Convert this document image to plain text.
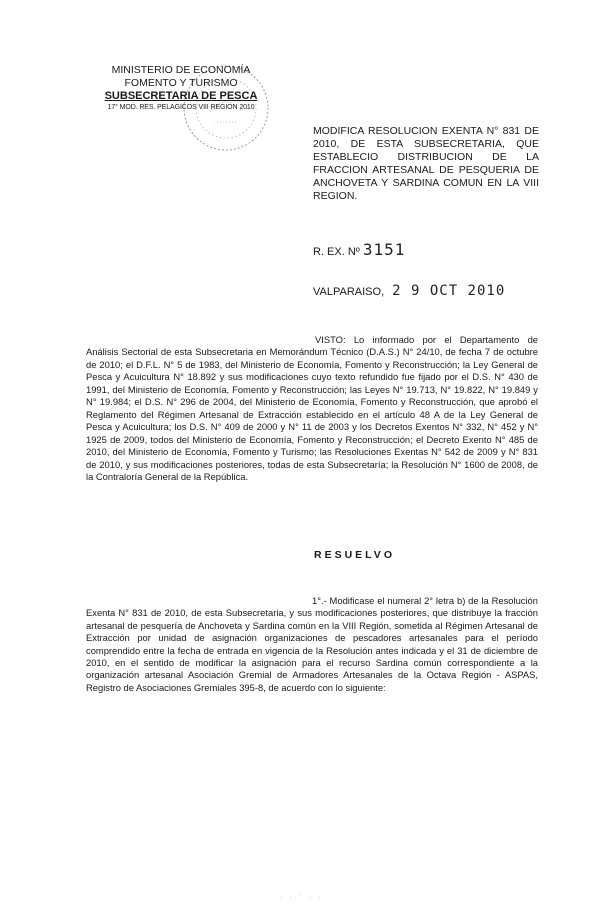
MINISTERIO DE ECONOMÍA
FOMENTO Y TURISMO
SUBSECRETARIA DE PESCA
17° MOD. RES. PELAGICOS VIII REGION 2010
MODIFICA RESOLUCION EXENTA N° 831 DE 2010, DE ESTA SUBSECRETARIA, QUE ESTABLECIO DISTRIBUCION DE LA FRACCION ARTESANAL DE PESQUERIA DE ANCHOVETA Y SARDINA COMUN EN LA VIII REGION.
R. EX. Nº 3151
VALPARAISO, 2 9 OCT 2010
VISTO: Lo informado por el Departamento de Análisis Sectorial de esta Subsecretaria en Memorándum Técnico (D.A.S.) N° 24/10, de fecha 7 de octubre de 2010; el D.F.L. N° 5 de 1983, del Ministerio de Economía, Fomento y Reconstrucción; la Ley General de Pesca y Acuicultura N° 18.892 y sus modificaciones cuyo texto refundido fue fijado por el D.S. N° 430 de 1991, del Ministerio de Economía, Fomento y Reconstrucción; las Leyes N° 19.713, N° 19.822, N° 19.849 y N° 19.984; el D.S. N° 296 de 2004, del Ministerio de Economía, Fomento y Reconstrucción, que aprobó el Reglamento del Régimen Artesanal de Extracción establecido en el artículo 48 A de la Ley General de Pesca y Acuicultura; los D.S. N° 409 de 2000 y N° 11 de 2003 y los Decretos Exentos N° 332, N° 452 y N° 1925 de 2009, todos del Ministerio de Economía, Fomento y Reconstrucción; el Decreto Exento N° 485 de 2010, del Ministerio de Economía, Fomento y Turismo; las Resoluciones Exentas N° 542 de 2009 y N° 831 de 2010, y sus modificaciones posteriores, todas de esta Subsecretaría; la Resolución N° 1600 de 2008, de la Contraloría General de la República.
RESUELVO
1°.- Modificase el numeral 2° letra b) de la Resolución Exenta N° 831 de 2010, de esta Subsecretaria, y sus modificaciones posteriores, que distribuye la fracción artesanal de pesquería de Anchoveta y Sardina común en la VIII Región, sometida al Régimen Artesanal de Extracción por unidad de asignación organizaciones de pescadores artesanales para el período comprendido entre la fecha de entrada en vigencia de la Resolución antes indicada y el 31 de diciembre de 2010, en el sentido de modificar la asignación para el recurso Sardina común correspondiente a la organización artesanal Asociación Gremial de Armadores Artesanales de la Octava Región - ASPAS, Registro de Asociaciones Gremiales 395-8, de acuerdo con lo siguiente:
· · ˙ · ·
